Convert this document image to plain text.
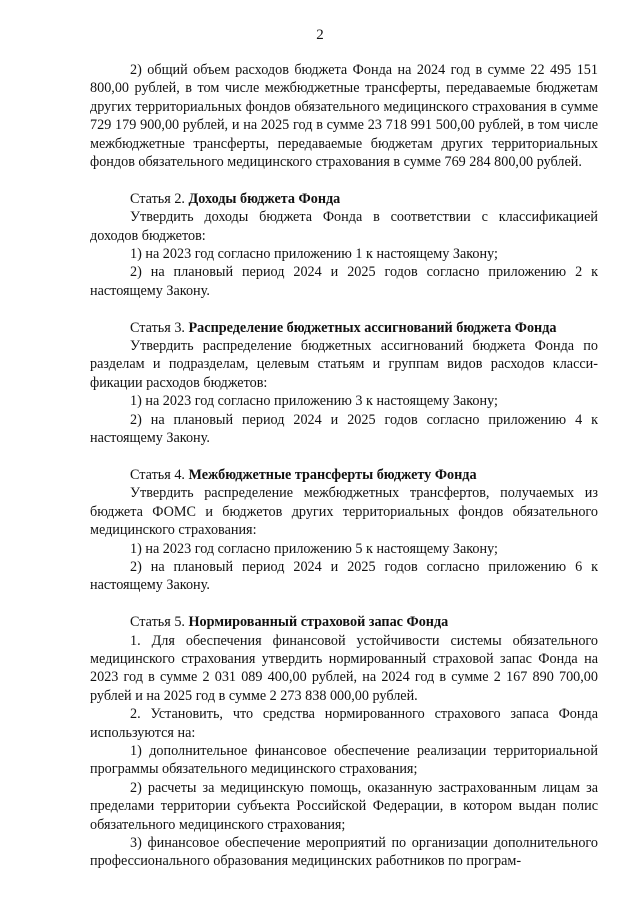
2

2) общий объем расходов бюджета Фонда на 2024 год в сумме 22 495 151 800,00 рублей, в том числе межбюджетные трансферты, передаваемые бюджетам других территориальных фондов обязательного медицинского страхования в сумме 729 179 900,00 рублей, и на 2025 год в сумме 23 718 991 500,00 рублей, в том числе межбюджетные трансферты, передаваемые бюджетам других территориальных фондов обязательного медицинского страхования в сумме 769 284 800,00 рублей.

Статья 2. Доходы бюджета Фонда

Утвердить доходы бюджета Фонда в соответствии с классификацией доходов бюджетов:

1) на 2023 год согласно приложению 1 к настоящему Закону;

2) на плановый период 2024 и 2025 годов согласно приложению 2 к настоящему Закону.

Статья 3. Распределение бюджетных ассигнований бюджета Фонда

Утвердить распределение бюджетных ассигнований бюджета Фонда по разделам и подразделам, целевым статьям и группам видов расходов классификации расходов бюджетов:

1) на 2023 год согласно приложению 3 к настоящему Закону;

2) на плановый период 2024 и 2025 годов согласно приложению 4 к настоящему Закону.

Статья 4. Межбюджетные трансферты бюджету Фонда

Утвердить распределение межбюджетных трансфертов, получаемых из бюджета ФОМС и бюджетов других территориальных фондов обязательного медицинского страхования:

1) на 2023 год согласно приложению 5 к настоящему Закону;

2) на плановый период 2024 и 2025 годов согласно приложению 6 к настоящему Закону.

Статья 5. Нормированный страховой запас Фонда

1. Для обеспечения финансовой устойчивости системы обязательного медицинского страхования утвердить нормированный страховой запас Фонда на 2023 год в сумме 2 031 089 400,00 рублей, на 2024 год в сумме 2 167 890 700,00 рублей и на 2025 год в сумме 2 273 838 000,00 рублей.

2. Установить, что средства нормированного страхового запаса Фонда используются на:

1) дополнительное финансовое обеспечение реализации территориальной программы обязательного медицинского страхования;

2) расчеты за медицинскую помощь, оказанную застрахованным лицам за пределами территории субъекта Российской Федерации, в котором выдан полис обязательного медицинского страхования;

3) финансовое обеспечение мероприятий по организации дополнительного профессионального образования медицинских работников по програм-
